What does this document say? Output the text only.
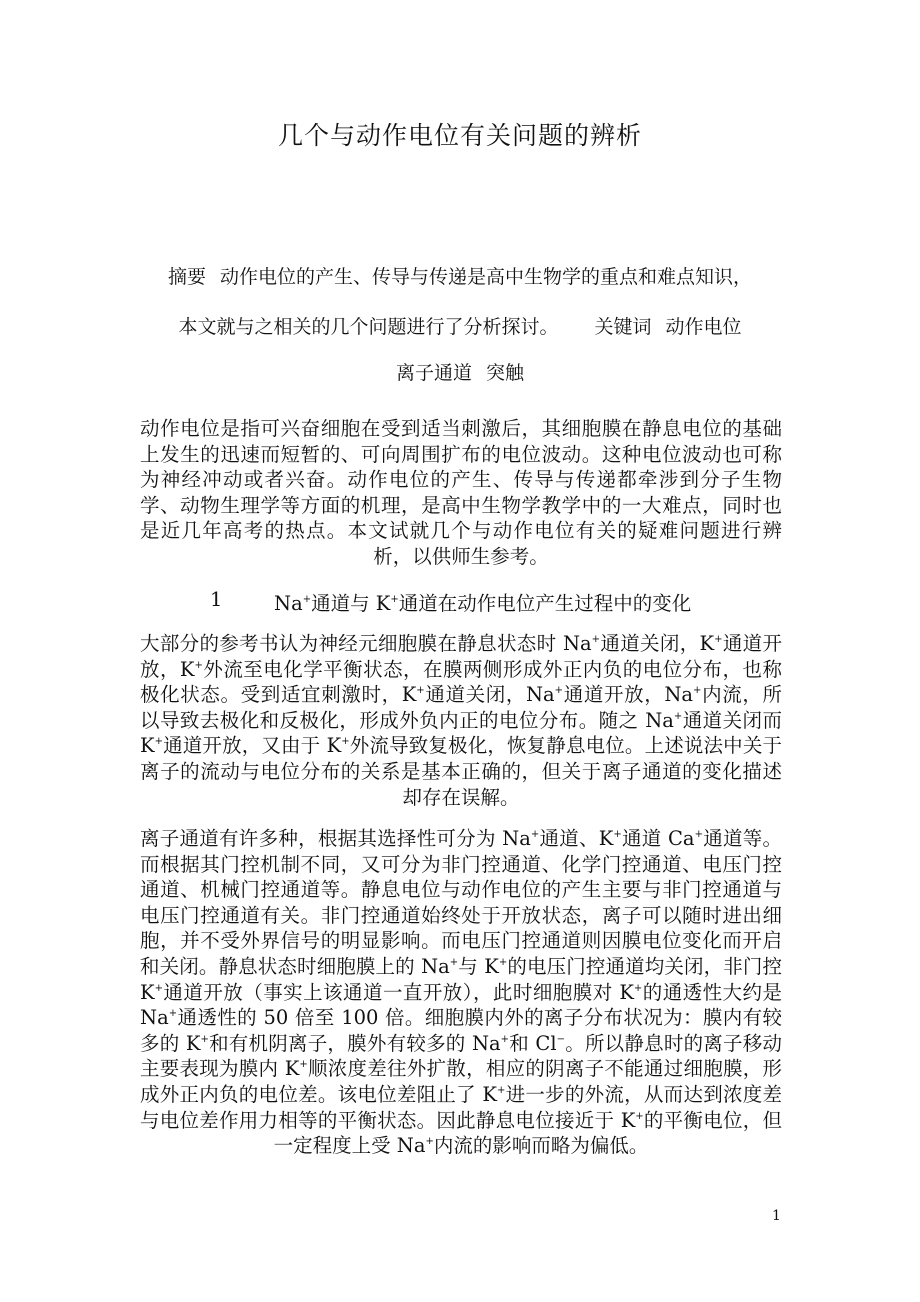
几个与动作电位有关问题的辨析
摘要 动作电位的产生、传导与传递是高中生物学的重点和难点知识，
本文就与之相关的几个问题进行了分析探讨。 关键词 动作电位
离子通道 突触
动作电位是指可兴奋细胞在受到适当刺激后，其细胞膜在静息电位的基础上发生的迅速而短暂的、可向周围扩布的电位波动。这种电位波动也可称为神经冲动或者兴奋。动作电位的产生、传导与传递都牵涉到分子生物学、动物生理学等方面的机理，是高中生物学教学中的一大难点，同时也是近几年高考的热点。本文试就几个与动作电位有关的疑难问题进行辨析，以供师生参考。
1	Na+通道与 K+通道在动作电位产生过程中的变化
大部分的参考书认为神经元细胞膜在静息状态时 Na+通道关闭，K+通道开放，K+外流至电化学平衡状态，在膜两侧形成外正内负的电位分布，也称极化状态。受到适宜刺激时，K+通道关闭，Na+通道开放，Na+内流，所以导致去极化和反极化，形成外负内正的电位分布。随之 Na+通道关闭而 K+通道开放，又由于 K+外流导致复极化，恢复静息电位。上述说法中关于离子的流动与电位分布的关系是基本正确的，但关于离子通道的变化描述却存在误解。
离子通道有许多种，根据其选择性可分为 Na+通道、K+通道 Ca+通道等。而根据其门控机制不同，又可分为非门控通道、化学门控通道、电压门控通道、机械门控通道等。静息电位与动作电位的产生主要与非门控通道与电压门控通道有关。非门控通道始终处于开放状态，离子可以随时进出细胞，并不受外界信号的明显影响。而电压门控通道则因膜电位变化而开启和关闭。静息状态时细胞膜上的 Na+与 K+的电压门控通道均关闭，非门控 K+通道开放（事实上该通道一直开放），此时细胞膜对 K+的通透性大约是 Na+通透性的 50 倍至 100 倍。细胞膜内外的离子分布状况为：膜内有较多的 K+和有机阴离子，膜外有较多的 Na+和 Cl−。所以静息时的离子移动主要表现为膜内 K+顺浓度差往外扩散，相应的阴离子不能通过细胞膜，形成外正内负的电位差。该电位差阻止了 K+进一步的外流，从而达到浓度差与电位差作用力相等的平衡状态。因此静息电位接近于 K+的平衡电位，但一定程度上受 Na+内流的影响而略为偏低。
1
